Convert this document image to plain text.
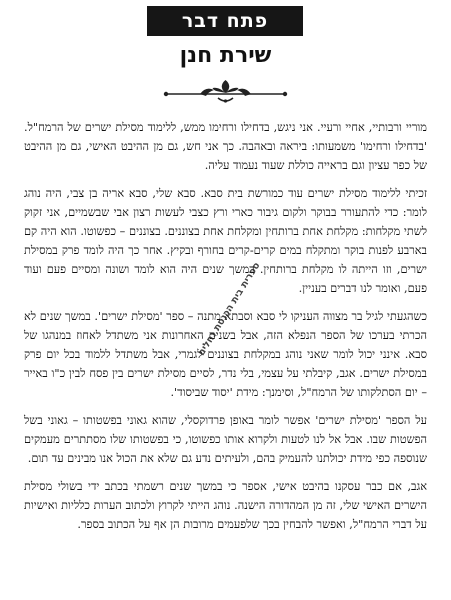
פתח דבר
שירת חנן

מוריי ורבותיי, אחיי ורעיי. אני ניגש, בדחילו ורחימו ממש, ללימוד מסילת ישרים של הרמח"ל. 'בדחילו ורחימו' משמעותו: ביראה ובאהבה. כך אני חש, גם מן ההיבט האישי, גם מן ההיבט של כפר עציון וגם בראייה כוללת שעוד נעמוד עליה.

זכיתי ללימוד מסילת ישרים עוד כמורשת בית סבא. סבא שלי, סבא אריה בן צבי, היה נוהג לומר: כדי להתעורר בבוקר ולקום גיבור כארי ורץ כצבי לעשות רצון אבי שבשמיים, אני זקוק לשתי מקלחות: מקלחת אחת ברותחין ומקלחת אחת בצוננים. בצוננים – כפשוטו. הוא היה קם בארבע לפנות בוקר ומתקלח במים קרים-קרים בחורף ובקיץ. אחר כך היה לומד פרק במסילת ישרים, וזו הייתה לו מקלחת ברותחין. במשך שנים היה הוא לומד ושונה ומסיים פעם ועוד פעם, ואומר לנו דברים בעניין.

כשהגעתי לגיל בר מצווה העניקו לי סבא וסבתא מתנה – ספר 'מסילת ישרים'. במשך שנים לא הכרתי בערכו של הספר הנפלא הזה, אבל בשנים האחרונות אני משתדל לאחוז במנהגו של סבא. אינני יכול לומר שאני נוהג במקלחת בצוננים לגמרי, אבל משתדל ללמוד בכל יום פרק במסילת ישרים. אגב, קיבלתי על עצמי, בלי נדר, לסיים מסילת ישרים בין פסח לבין כ"ו באייר – יום הסתלקותו של הרמח"ל, וסימנך: מידת 'יסוד שביסוד'.

על הספר 'מסילת ישרים' אפשר לומר באופן פרדוקסלי, שהוא גאוני בפשטותו – גאוני בשל הפשטות שבו. אבל אל לנו לטעות ולקרוא אותו כפשוטו, כי בפשטותו שלו מסתתרים מעמקים שנוספה כפי מידת יכולתנו להעמיק בהם, ולעיתים נדע גם שלא את הכול אנו מבינים עד תום.

אגב, אם כבר עסקנו בהיבט אישי, אספר כי במשך שנים רשמתי בכתב ידי בשולי מסילת הישרים האישי שלי, זה מן המהדורה הישנה. נוהג הייתי לקרוץ ולכתוב הערות כלליות ואישיות על דברי הרמח"ל, ואפשר להבחין בכך שלפעמים מרובות הן אף על הכתוב בספר.

ספרית בית הכנסת נחלים
